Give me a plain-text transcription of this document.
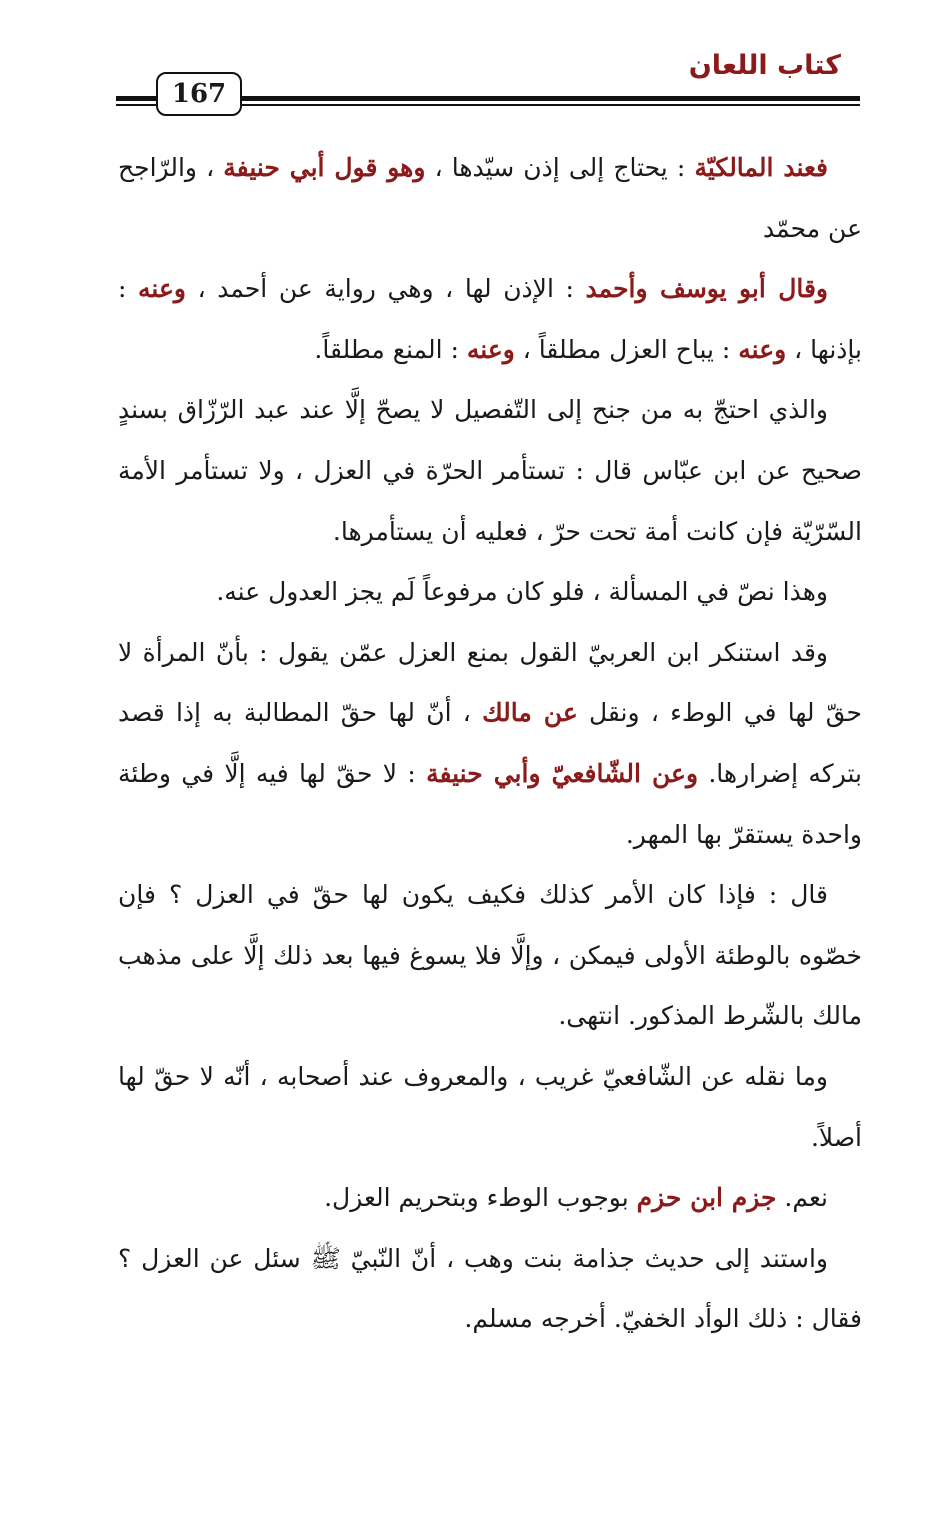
كتاب اللعان
167

فعند المالكيّة : يحتاج إلى إذن سيّدها ، وهو قول أبي حنيفة ، والرّاجح عن محمّد

وقال أبو يوسف وأحمد : الإذن لها ، وهي رواية عن أحمد ، وعنه : بإذنها ، وعنه : يباح العزل مطلقاً ، وعنه : المنع مطلقاً.

والذي احتجّ به من جنح إلى التّفصيل لا يصحّ إلَّا عند عبد الرّزّاق بسندٍ صحيح عن ابن عبّاس قال : تستأمر الحرّة في العزل ، ولا تستأمر الأمة السّرّيّة فإن كانت أمة تحت حرّ ، فعليه أن يستأمرها.

وهذا نصّ في المسألة ، فلو كان مرفوعاً لَم يجز العدول عنه.

وقد استنكر ابن العربيّ القول بمنع العزل عمّن يقول : بأنّ المرأة لا حقّ لها في الوطء ، ونقل عن مالك ، أنّ لها حقّ المطالبة به إذا قصد بتركه إضرارها. وعن الشّافعيّ وأبي حنيفة : لا حقّ لها فيه إلَّا في وطئة واحدة يستقرّ بها المهر.

قال : فإذا كان الأمر كذلك فكيف يكون لها حقّ في العزل ؟ فإن خصّوه بالوطئة الأولى فيمكن ، وإلَّا فلا يسوغ فيها بعد ذلك إلَّا على مذهب مالك بالشّرط المذكور. انتهى.

وما نقله عن الشّافعيّ غريب ، والمعروف عند أصحابه ، أنّه لا حقّ لها أصلاً.

نعم. جزم ابن حزم بوجوب الوطء وبتحريم العزل.

واستند إلى حديث جذامة بنت وهب ، أنّ النّبيّ ﷺ سئل عن العزل ؟ فقال : ذلك الوأد الخفيّ. أخرجه مسلم.
